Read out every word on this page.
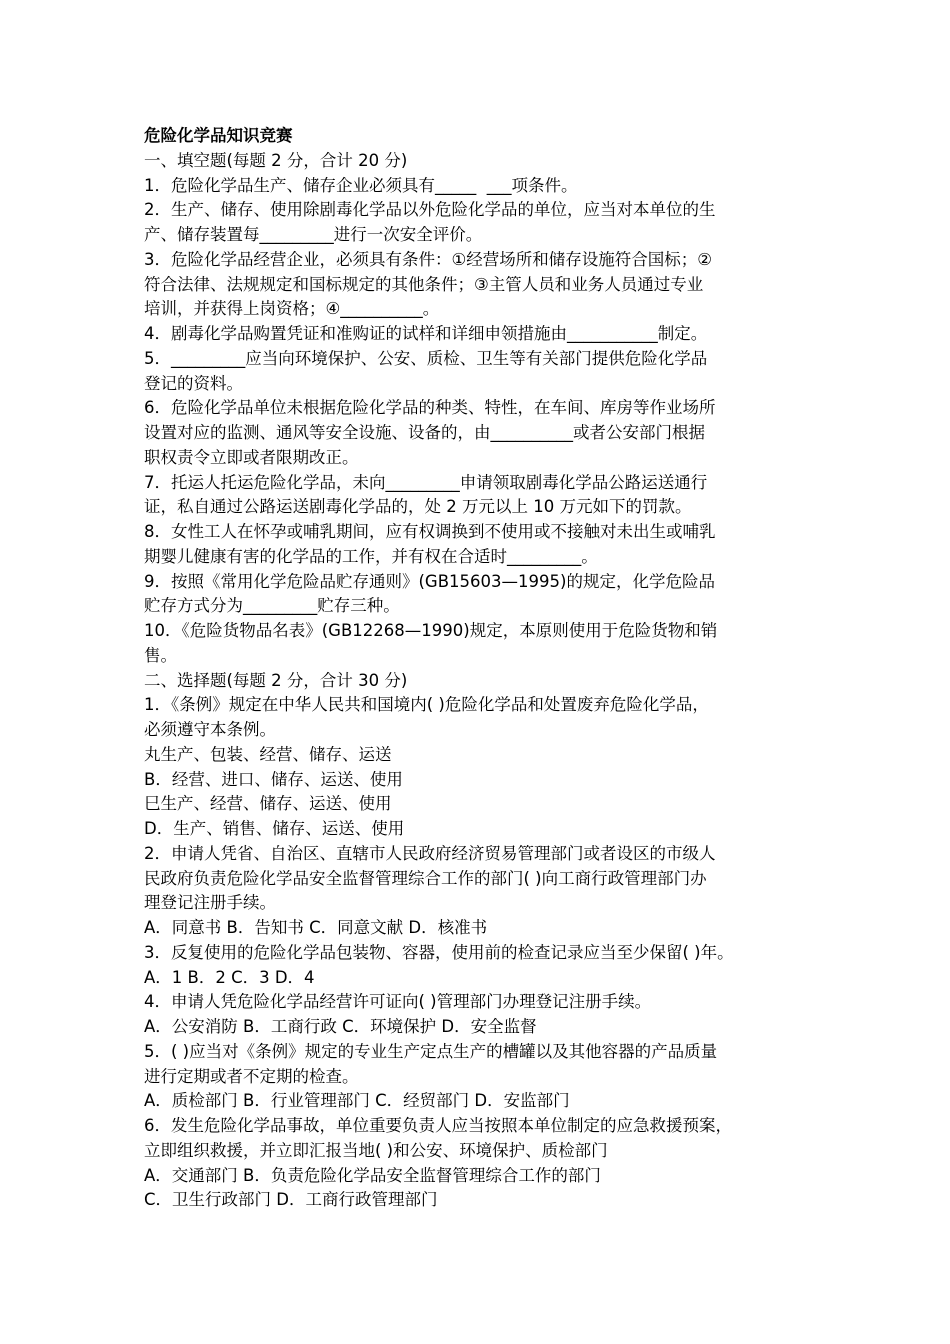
危险化学品知识竞赛
一、填空题(每题 2 分，合计 20 分)
1．危险化学品生产、储存企业必须具有_____  ___项条件。
2．生产、储存、使用除剧毒化学品以外危险化学品的单位，应当对本单位的生
产、储存装置每_________进行一次安全评价。
3．危险化学品经营企业，必须具有条件：①经营场所和储存设施符合国标；②
符合法律、法规规定和国标规定的其他条件；③主管人员和业务人员通过专业
培训，并获得上岗资格；④__________。
4．剧毒化学品购置凭证和准购证的试样和详细申领措施由___________制定。
5．_________应当向环境保护、公安、质检、卫生等有关部门提供危险化学品
登记的资料。
6．危险化学品单位未根据危险化学品的种类、特性，在车间、库房等作业场所
设置对应的监测、通风等安全设施、设备的，由__________或者公安部门根据
职权责令立即或者限期改正。
7．托运人托运危险化学品，未向_________申请领取剧毒化学品公路运送通行
证，私自通过公路运送剧毒化学品的，处 2 万元以上 10 万元如下的罚款。
8．女性工人在怀孕或哺乳期间，应有权调换到不使用或不接触对未出生或哺乳
期婴儿健康有害的化学品的工作，并有权在合适时_________。
9．按照《常用化学危险品贮存通则》(GB15603—1995)的规定，化学危险品
贮存方式分为_________贮存三种。
10．《危险货物品名表》(GB12268—1990)规定，本原则使用于危险货物和销
售。
二、选择题(每题 2 分，合计 30 分)
1．《条例》规定在中华人民共和国境内( )危险化学品和处置废弃危险化学品，
必须遵守本条例。
丸生产、包装、经营、储存、运送
B．经营、进口、储存、运送、使用
巳生产、经营、储存、运送、使用
D．生产、销售、储存、运送、使用
2．申请人凭省、自治区、直辖市人民政府经济贸易管理部门或者设区的市级人
民政府负责危险化学品安全监督管理综合工作的部门( )向工商行政管理部门办
理登记注册手续。
A．同意书 B．告知书 C．同意文献 D．核准书
3．反复使用的危险化学品包装物、容器，使用前的检查记录应当至少保留( )年。
A．1 B．2 C．3 D．4
4．申请人凭危险化学品经营许可证向( )管理部门办理登记注册手续。
A．公安消防 B．工商行政 C．环境保护 D．安全监督
5．( )应当对《条例》规定的专业生产定点生产的槽罐以及其他容器的产品质量
进行定期或者不定期的检查。
A．质检部门 B．行业管理部门 C．经贸部门 D．安监部门
6．发生危险化学品事故，单位重要负责人应当按照本单位制定的应急救援预案，
立即组织救援，并立即汇报当地( )和公安、环境保护、质检部门
A．交通部门 B．负责危险化学品安全监督管理综合工作的部门
C．卫生行政部门 D．工商行政管理部门
